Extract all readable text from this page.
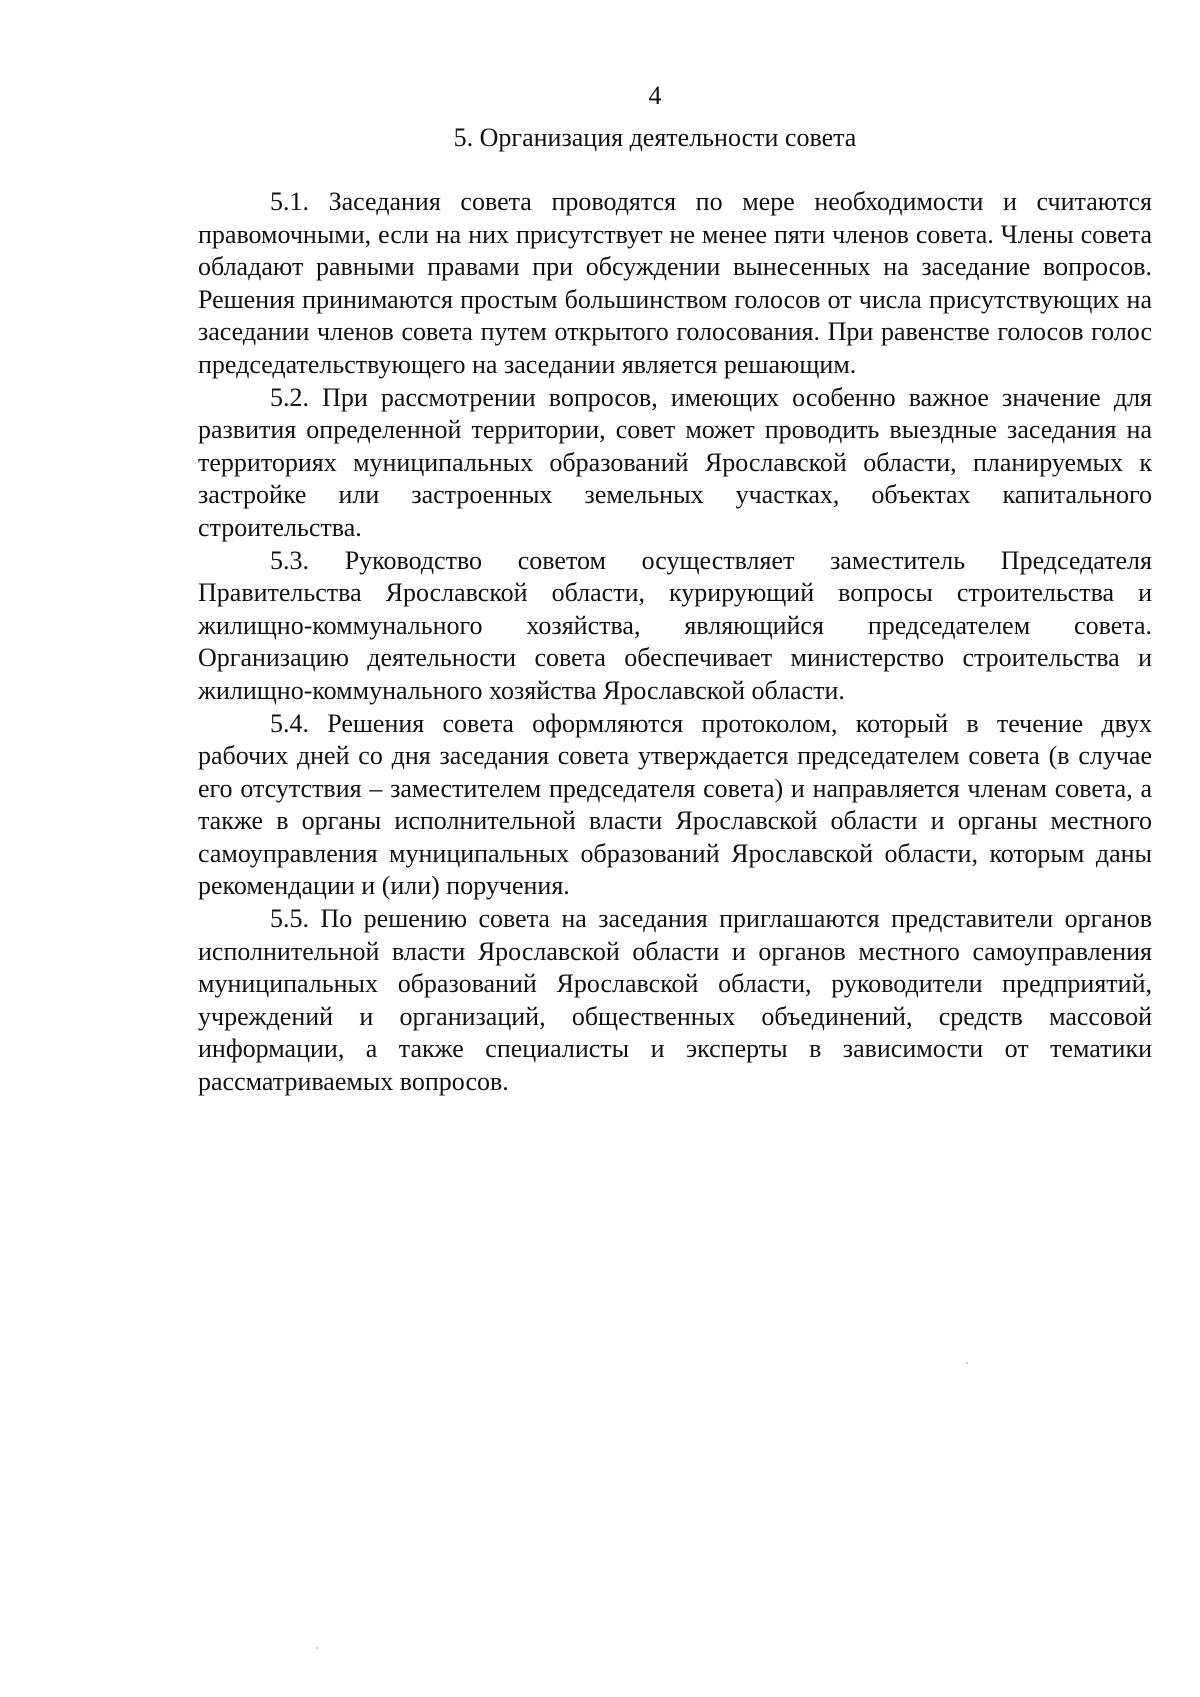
4
5. Организация деятельности совета

5.1. Заседания совета проводятся по мере необходимости и считаются правомочными, если на них присутствует не менее пяти членов совета. Члены совета обладают равными правами при обсуждении вынесенных на заседание вопросов. Решения принимаются простым большинством голосов от числа присутствующих на заседании членов совета путем открытого голосования. При равенстве голосов голос председательствующего на заседании является решающим.

5.2. При рассмотрении вопросов, имеющих особенно важное значение для развития определенной территории, совет может проводить выездные заседания на территориях муниципальных образований Ярославской области, планируемых к застройке или застроенных земельных участках, объектах капитального строительства.

5.3. Руководство советом осуществляет заместитель Председателя Правительства Ярославской области, курирующий вопросы строительства и жилищно-коммунального хозяйства, являющийся председателем совета. Организацию деятельности совета обеспечивает министерство строительства и жилищно-коммунального хозяйства Ярославской области.

5.4. Решения совета оформляются протоколом, который в течение двух рабочих дней со дня заседания совета утверждается председателем совета (в случае его отсутствия – заместителем председателя совета) и направляется членам совета, а также в органы исполнительной власти Ярославской области и органы местного самоуправления муниципальных образований Ярославской области, которым даны рекомендации и (или) поручения.

5.5. По решению совета на заседания приглашаются представители органов исполнительной власти Ярославской области и органов местного самоуправления муниципальных образований Ярославской области, руководители предприятий, учреждений и организаций, общественных объединений, средств массовой информации, а также специалисты и эксперты в зависимости от тематики рассматриваемых вопросов.
